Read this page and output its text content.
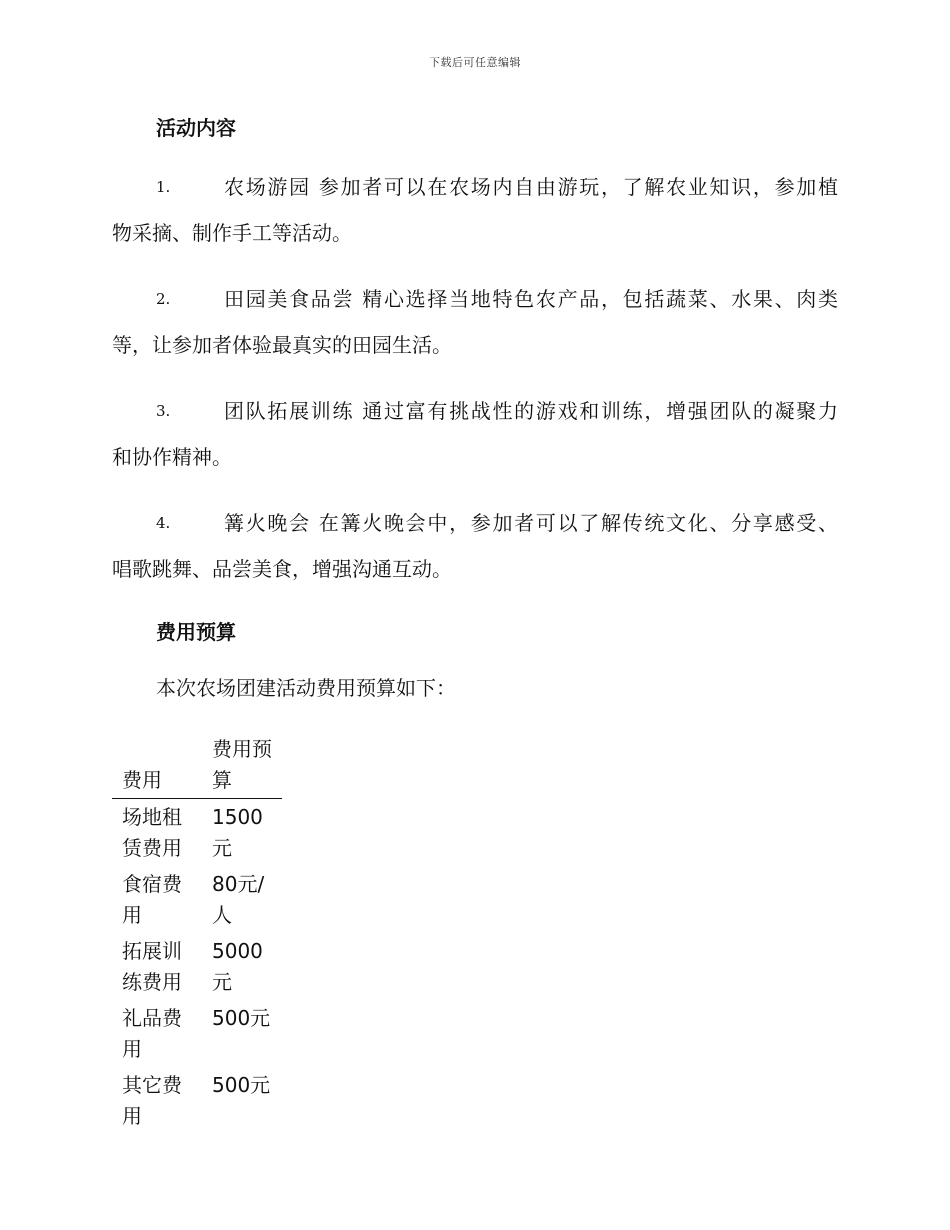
下载后可任意编辑
活动内容
1.	农场游园 参加者可以在农场内自由游玩，了解农业知识，参加植
物采摘、制作手工等活动。
2.	田园美食品尝 精心选择当地特色农产品，包括蔬菜、水果、肉类
等，让参加者体验最真实的田园生活。
3.	团队拓展训练 通过富有挑战性的游戏和训练，增强团队的凝聚力
和协作精神。
4.	篝火晚会 在篝火晚会中，参加者可以了解传统文化、分享感受、
唱歌跳舞、品尝美食，增强沟通互动。
费用预算
本次农场团建活动费用预算如下：
费用	费用预算
场地租赁费用	1500元
食宿费用	80元/人
拓展训练费用	5000元
礼品费用	500元
其它费用	500元
